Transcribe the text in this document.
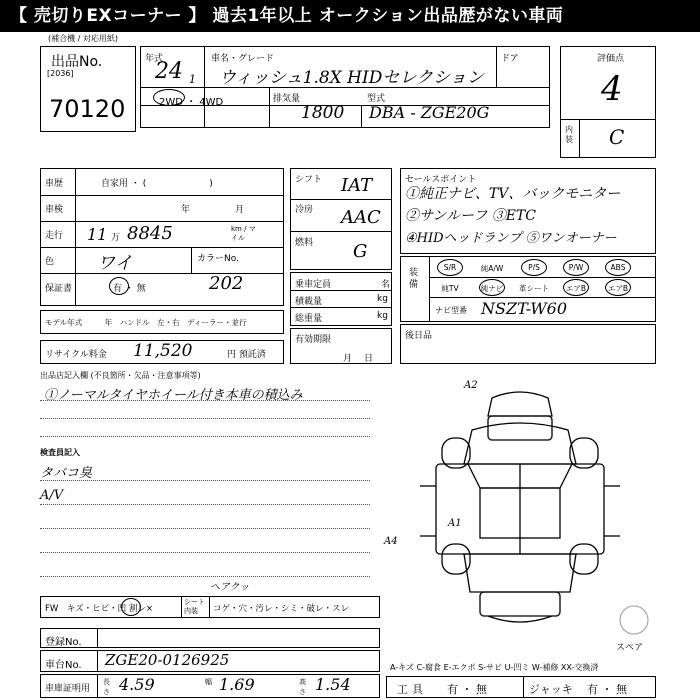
【 売切りEXコーナー 】 過去1年以上 オークション出品歴がない車両
(補合機 / 対応用紙)
出品No.
[2036]
70120
年式
24 1
車名・グレード
ウィッシュ1.8X HIDセレクション
ドア
2WD ・ 4WD	排気量
1800
型式
DBA - ZGE20G
評価点
4
内装 C
車歴	自家用 ・ (　　　　　　　)
車検	年　　　　　月
走行 11 万 8845	km / マイル
色 ワイ	カラーNo.
202
保証書	有 ・ 無
モデル年式　　　年　ハンドル　左・右　ディーラー・並行
シフト IAT
冷房 AAC
燃料 G
乗車定員	名
積載量	kg
総重量	kg
有効期限
月日
セールスポイント
①純正ナビ、TV、バックモニター
②サンルーフ ③ETC
④HIDヘッドランプ ⑤ワンオーナー
装備
S/R	純A/W	P/S	P/W	ABS
純TV	純ナビ	革シート	エアB	エアB
ナビ型番 NSZT-W60
後日品
リサイクル料金 11,520	円 預託済
出品店記入欄 (不良箇所・欠品・注意事項等)
①ノーマルタイヤホイール付き本車の積込み
検査員記入
タバコ臭
A/V
A2
A1
A4
スペア
ヘアクッ
FW　キズ・ヒビ・凹 割レ×
シート内装	コゲ・穴・汚レ・シミ・破レ・スレ
登録No.
車台No. ZGE20-0126925
車庫証明用
長
さ 4.59	幅 1.69	高
さ 1.54
A-キズ C-腐食 E-エクボ S-サビ U-凹ミ W-補修 XX-交換済
工具 有 ・ 無	ジャッキ 有 ・ 無
